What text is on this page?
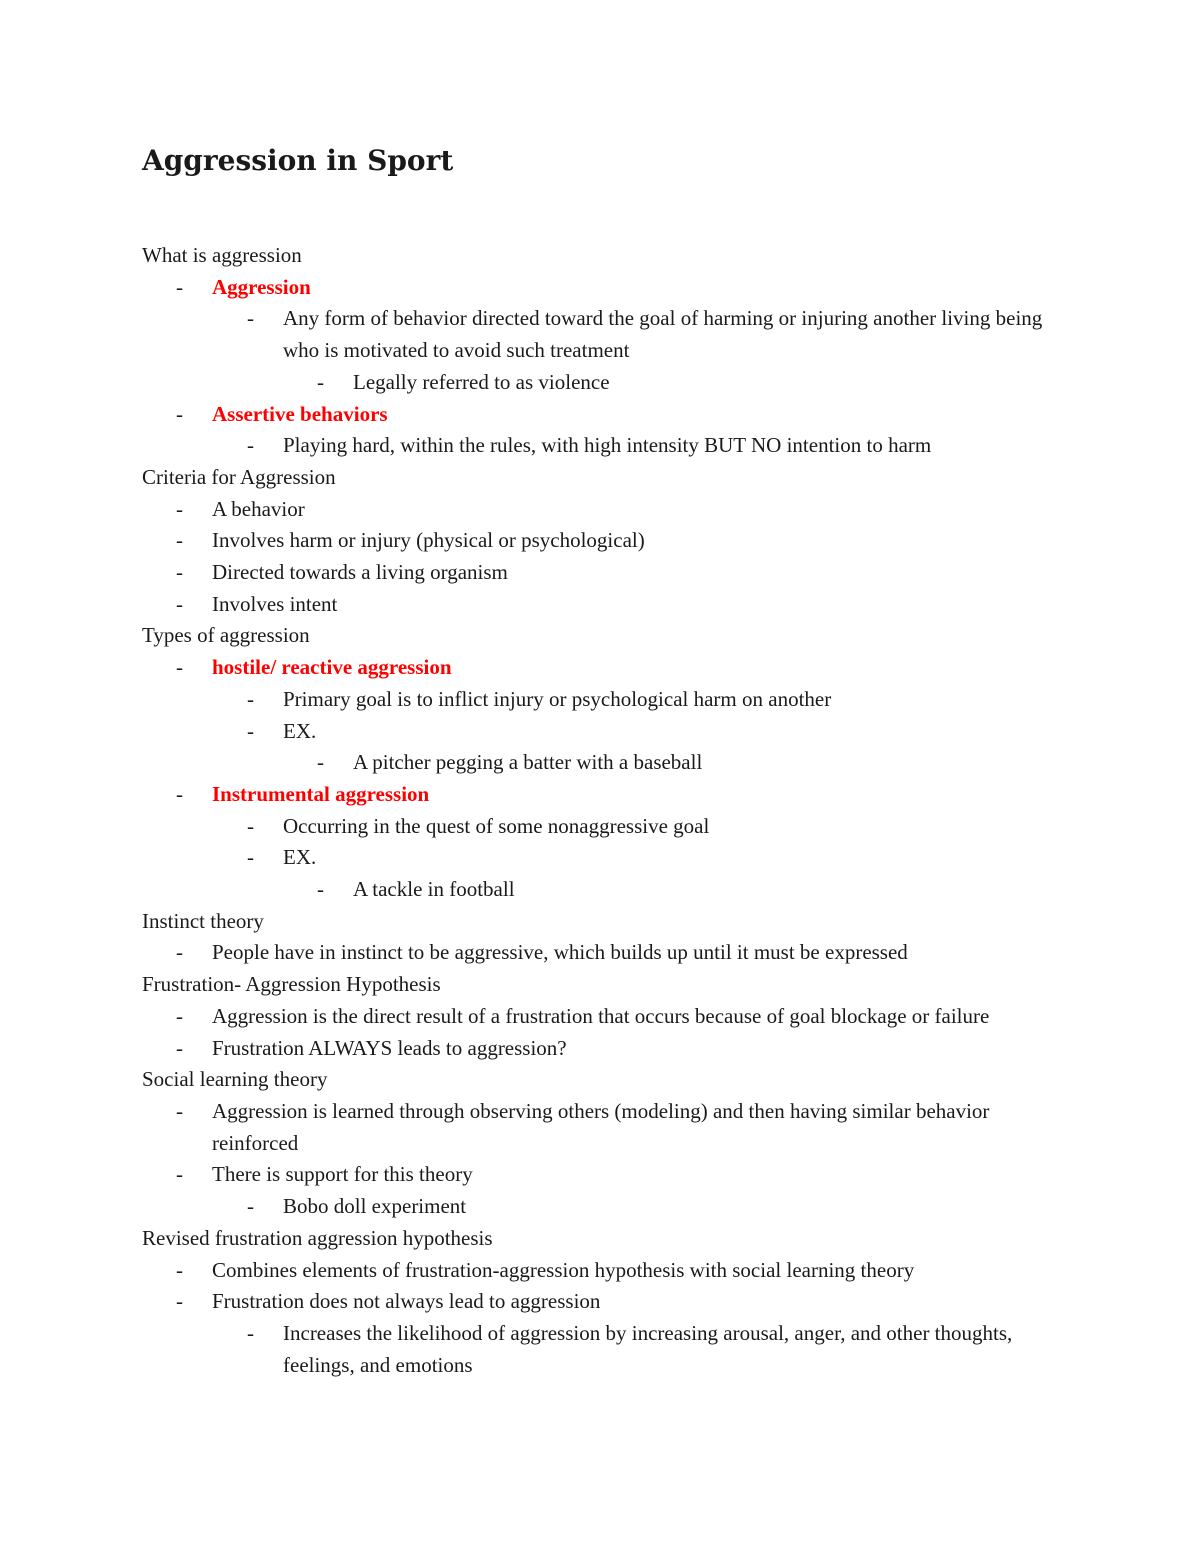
Aggression in Sport
What is aggression
- Aggression
- Any form of behavior directed toward the goal of harming or injuring another living being who is motivated to avoid such treatment
- Legally referred to as violence
- Assertive behaviors
- Playing hard, within the rules, with high intensity BUT NO intention to harm
Criteria for Aggression
- A behavior
- Involves harm or injury (physical or psychological)
- Directed towards a living organism
- Involves intent
Types of aggression
- hostile/ reactive aggression
- Primary goal is to inflict injury or psychological harm on another
- EX.
- A pitcher pegging a batter with a baseball
- Instrumental aggression
- Occurring in the quest of some nonaggressive goal
- EX.
- A tackle in football
Instinct theory
- People have in instinct to be aggressive, which builds up until it must be expressed
Frustration- Aggression Hypothesis
- Aggression is the direct result of a frustration that occurs because of goal blockage or failure
- Frustration ALWAYS leads to aggression?
Social learning theory
- Aggression is learned through observing others (modeling) and then having similar behavior reinforced
- There is support for this theory
- Bobo doll experiment
Revised frustration aggression hypothesis
- Combines elements of frustration-aggression hypothesis with social learning theory
- Frustration does not always lead to aggression
- Increases the likelihood of aggression by increasing arousal, anger, and other thoughts, feelings, and emotions
